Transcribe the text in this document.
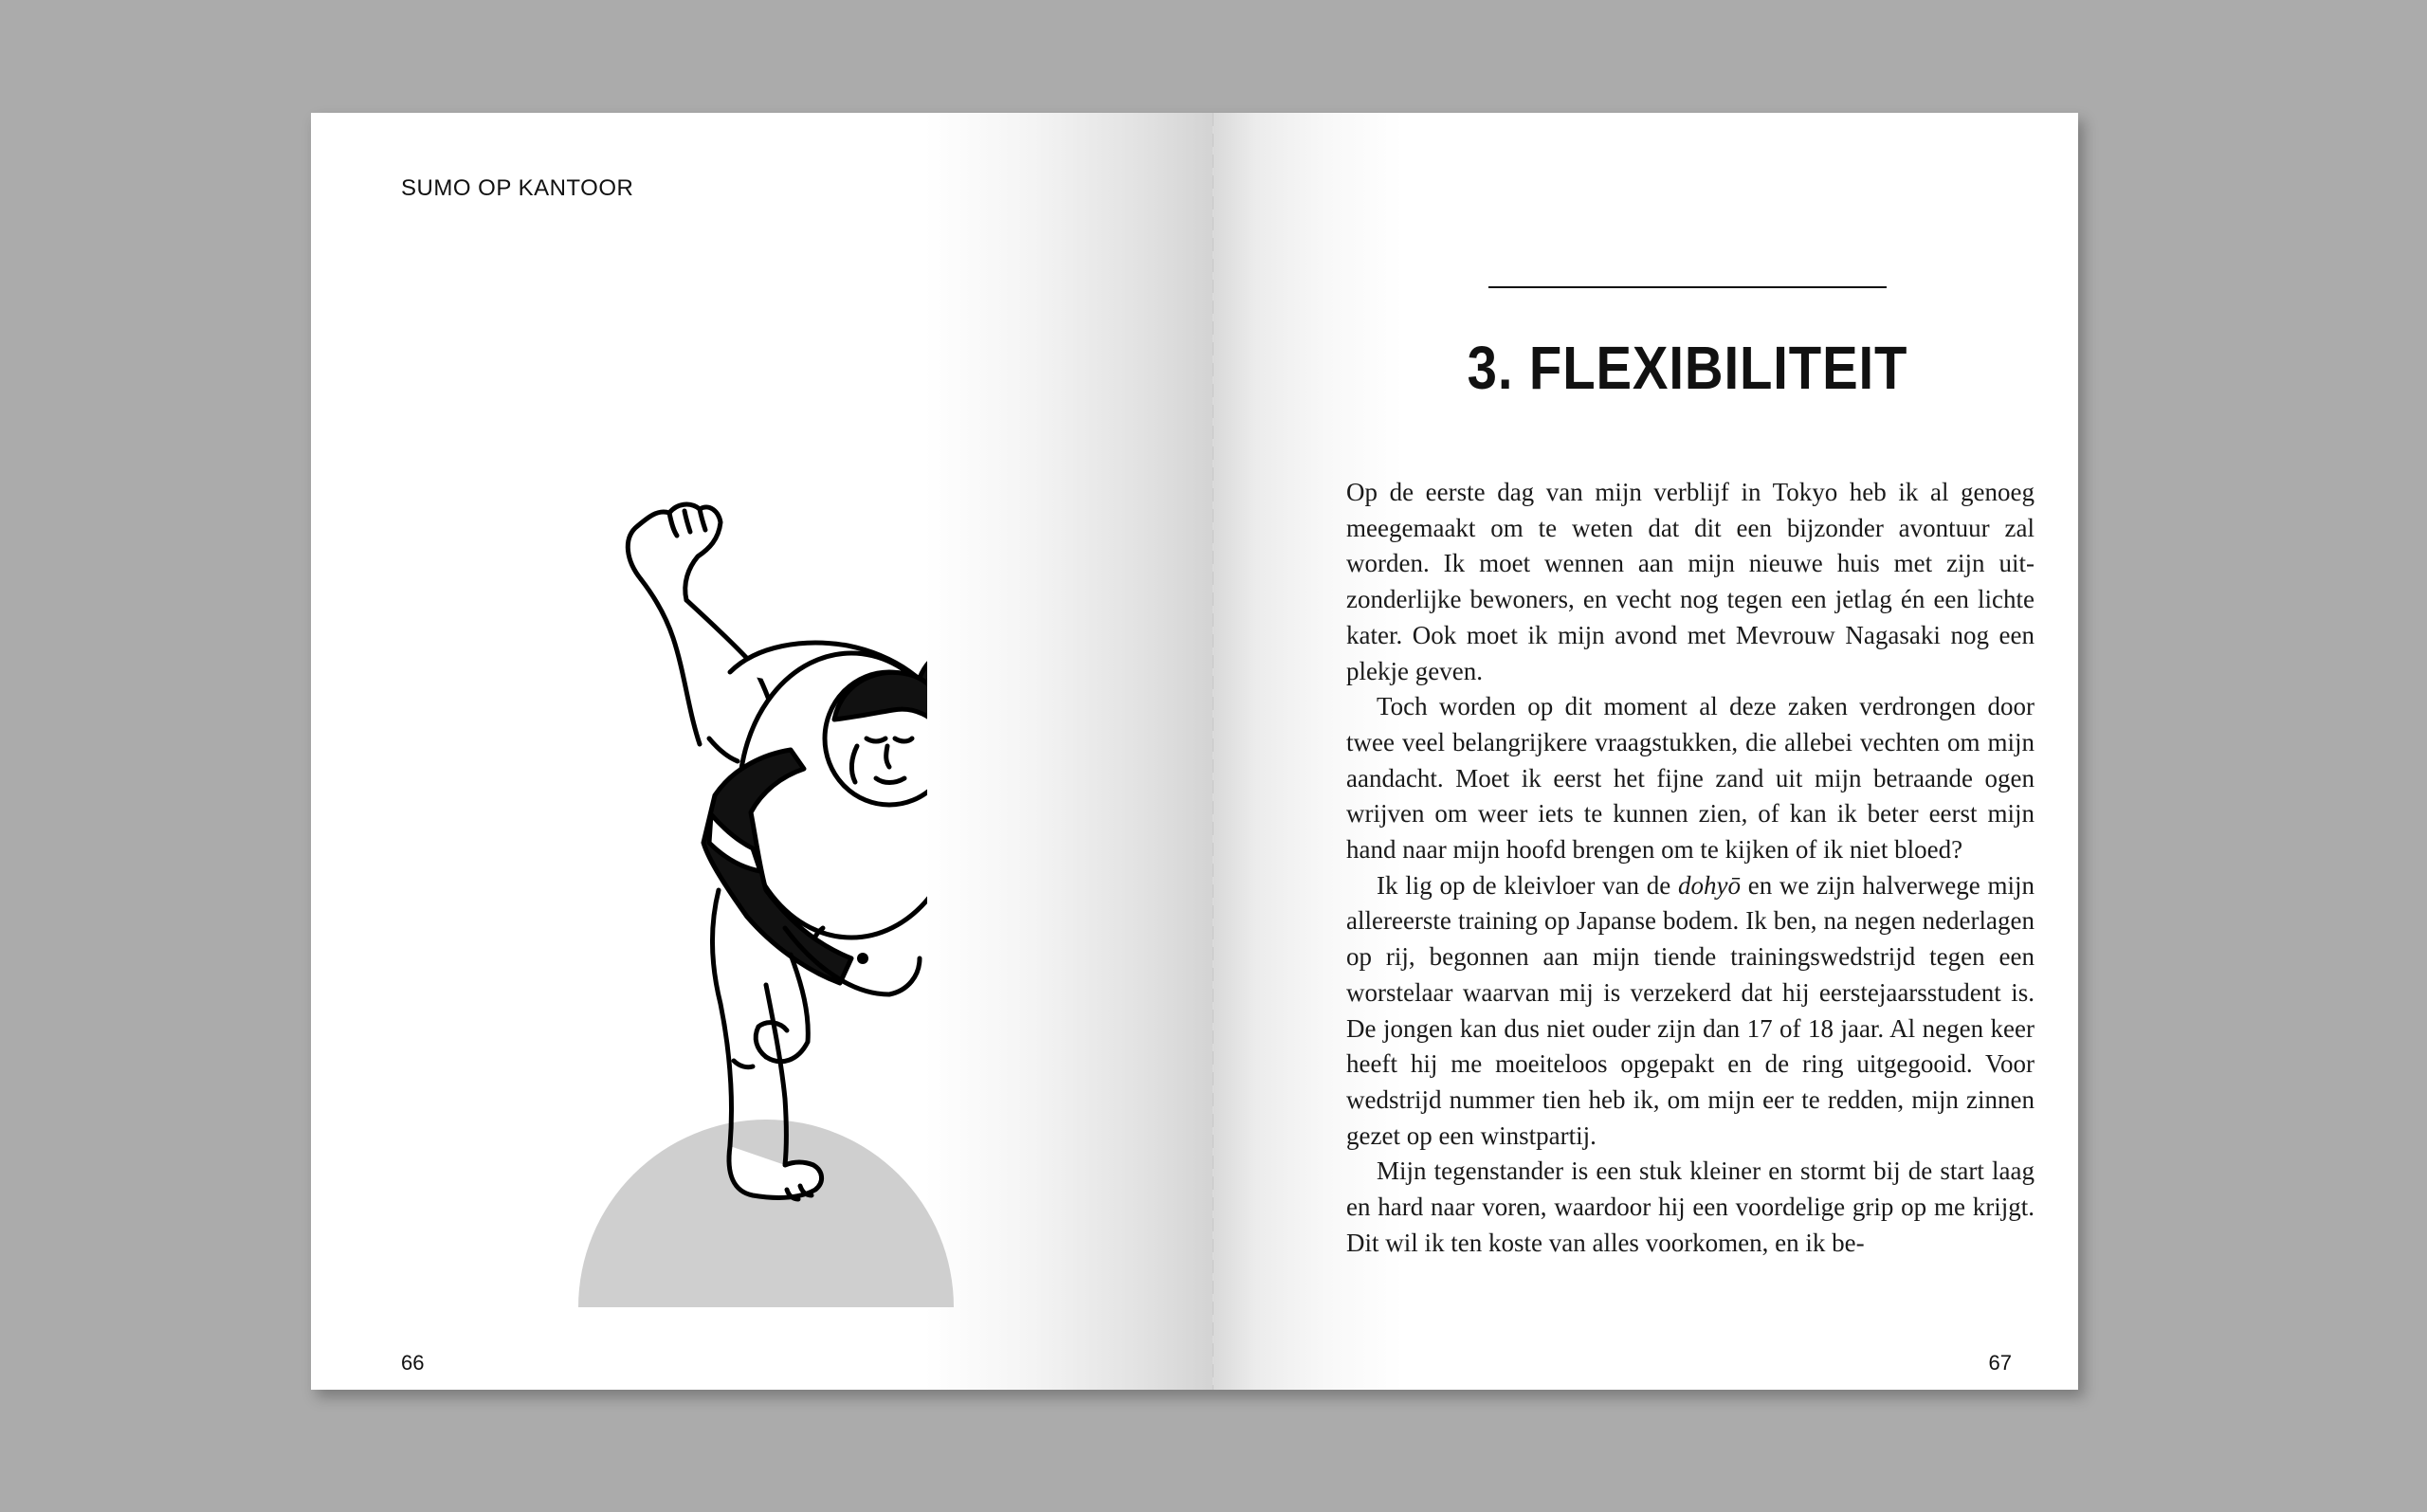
SUMO OP KANTOOR
66
3. FLEXIBILITEIT

Op de eerste dag van mijn verblijf in Tokyo heb ik al genoeg meegemaakt om te weten dat dit een bijzonder avontuur zal worden. Ik moet wennen aan mijn nieuwe huis met zijn uitzonderlijke bewoners, en vecht nog tegen een jetlag én een lichte kater. Ook moet ik mijn avond met Mevrouw Nagasaki nog een plekje geven.

Toch worden op dit moment al deze zaken verdrongen door twee veel belangrijkere vraagstukken, die allebei vechten om mijn aandacht. Moet ik eerst het fijne zand uit mijn betraande ogen wrijven om weer iets te kunnen zien, of kan ik beter eerst mijn hand naar mijn hoofd brengen om te kijken of ik niet bloed?

Ik lig op de kleivloer van de dohyō en we zijn halverwege mijn allereerste training op Japanse bodem. Ik ben, na negen nederlagen op rij, begonnen aan mijn tiende trainingswedstrijd tegen een worstelaar waarvan mij is verzekerd dat hij eerstejaarsstudent is. De jongen kan dus niet ouder zijn dan 17 of 18 jaar. Al negen keer heeft hij me moeiteloos opgepakt en de ring uitgegooid. Voor wedstrijd nummer tien heb ik, om mijn eer te redden, mijn zinnen gezet op een winstpartij.

Mijn tegenstander is een stuk kleiner en stormt bij de start laag en hard naar voren, waardoor hij een voordelige grip op me krijgt. Dit wil ik ten koste van alles voorkomen, en ik be-

67
